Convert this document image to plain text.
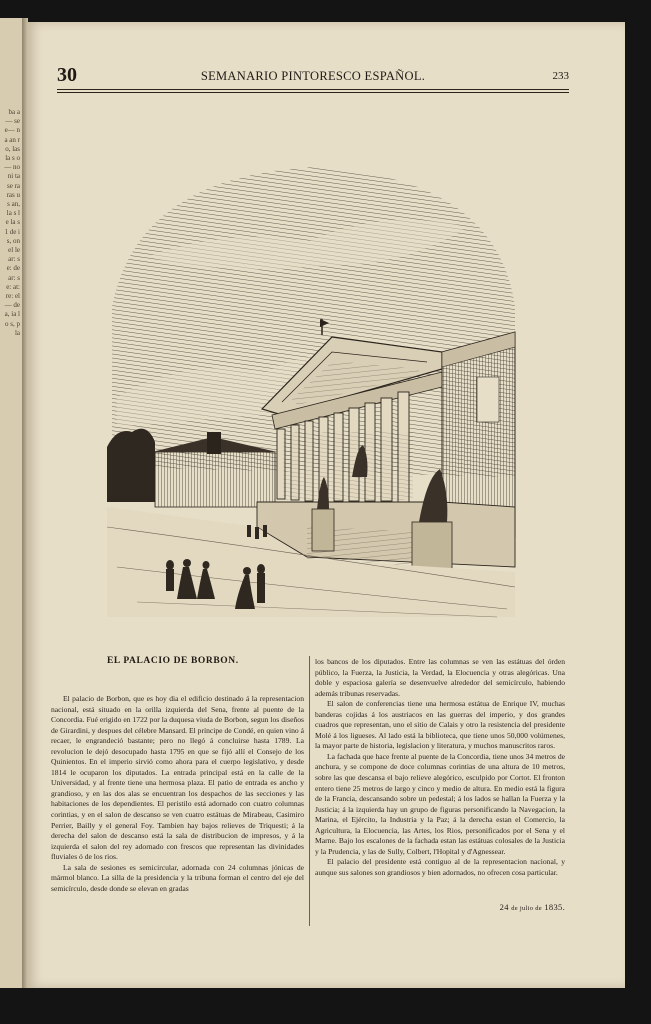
ba a— se e— na an ro, las la s o— no ni ta se ra ras us an, la s le la s1 de is, on el le ar: se: de ar: se: at: re: el— de a, ia lo s, pla
30	SEMANARIO PINTORESCO ESPAÑOL.	233
EL PALACIO DE BORBON.

El palacio de Borbon, que es hoy dia el edificio destinado á la representacion nacional, está situado en la orilla izquierda del Sena, frente al puente de la Concordia. Fué erigido en 1722 por la duquesa viuda de Borbon, segun los diseños de Girardini, y despues del célebre Mansard. El príncipe de Condé, en quien vino á recaer, le engrandeció bastante; pero no llegó á concluirse hasta 1789. La revolucion le dejó desocupado hasta 1795 en que se fijó allí el Consejo de los Quinientos. En el imperio sirvió como ahora para el cuerpo legislativo, y desde 1814 le ocuparon los diputados. La entrada principal está en la calle de la Universidad, y al frente tiene una hermosa plaza. El patio de entrada es ancho y grandioso, y en las dos alas se encuentran los despachos de las secciones y las habitaciones de los dependientes. El peristilo está adornado con cuatro columnas corintias, y en el salon de descanso se ven cuatro estátuas de Mirabeau, Casimiro Perrier, Bailly y el general Foy. Tambien hay bajos relieves de Triquesti; á la derecha del salon de descanso está la sala de distribucion de impresos, y á la izquierda el salon del rey adornado con frescos que representan las divinidades fluviales ó de los rios.

La sala de sesiones es semicircular, adornada con 24 columnas jónicas de mármol blanco. La silla de la presidencia y la tribuna forman el centro del eje del semicírculo, desde donde se elevan en gradas

los bancos de los diputados. Entre las columnas se ven las estátuas del órden público, la Fuerza, la Justicia, la Verdad, la Elocuencia y otras alegóricas. Una doble y espaciosa galería se desenvuelve alrededor del semicírculo, habiendo además tribunas reservadas.

El salon de conferencias tiene una hermosa estátua de Enrique IV, muchas banderas cojidas á los austriacos en las guerras del imperio, y dos grandes cuadros que representan, uno el sitio de Calais y otro la resistencia del presidente Molé á los ligueses. Al lado está la biblioteca, que tiene unos 50,000 volúmenes, la mayor parte de historia, legislacion y literatura, y muchos manuscritos raros.

La fachada que hace frente al puente de la Concordia, tiene unos 34 metros de anchura, y se compone de doce columnas corintias de una altura de 10 metros, sobre las que descansa el bajo relieve alegórico, esculpido por Cortot. El fronton entero tiene 25 metros de largo y cinco y medio de altura. En medio está la figura de la Francia, descansando sobre un pedestal; á los lados se hallan la Fuerza y la Justicia; á la izquierda hay un grupo de figuras personificando la Navegacion, la Marina, el Ejército, la Industria y la Paz; á la derecha estan el Comercio, la Agricultura, la Elocuencia, las Artes, los Rios, personificados por el Sena y el Marne. Bajo los escalones de la fachada estan las estátuas colosales de la Justicia y la Prudencia, y las de Sully, Colbert, l'Hopital y d'Agnessear.

El palacio del presidente está contiguo al de la representacion nacional, y aunque sus salones son grandiosos y bien adornados, no ofrecen cosa particular.

24 de julio de 1835.
